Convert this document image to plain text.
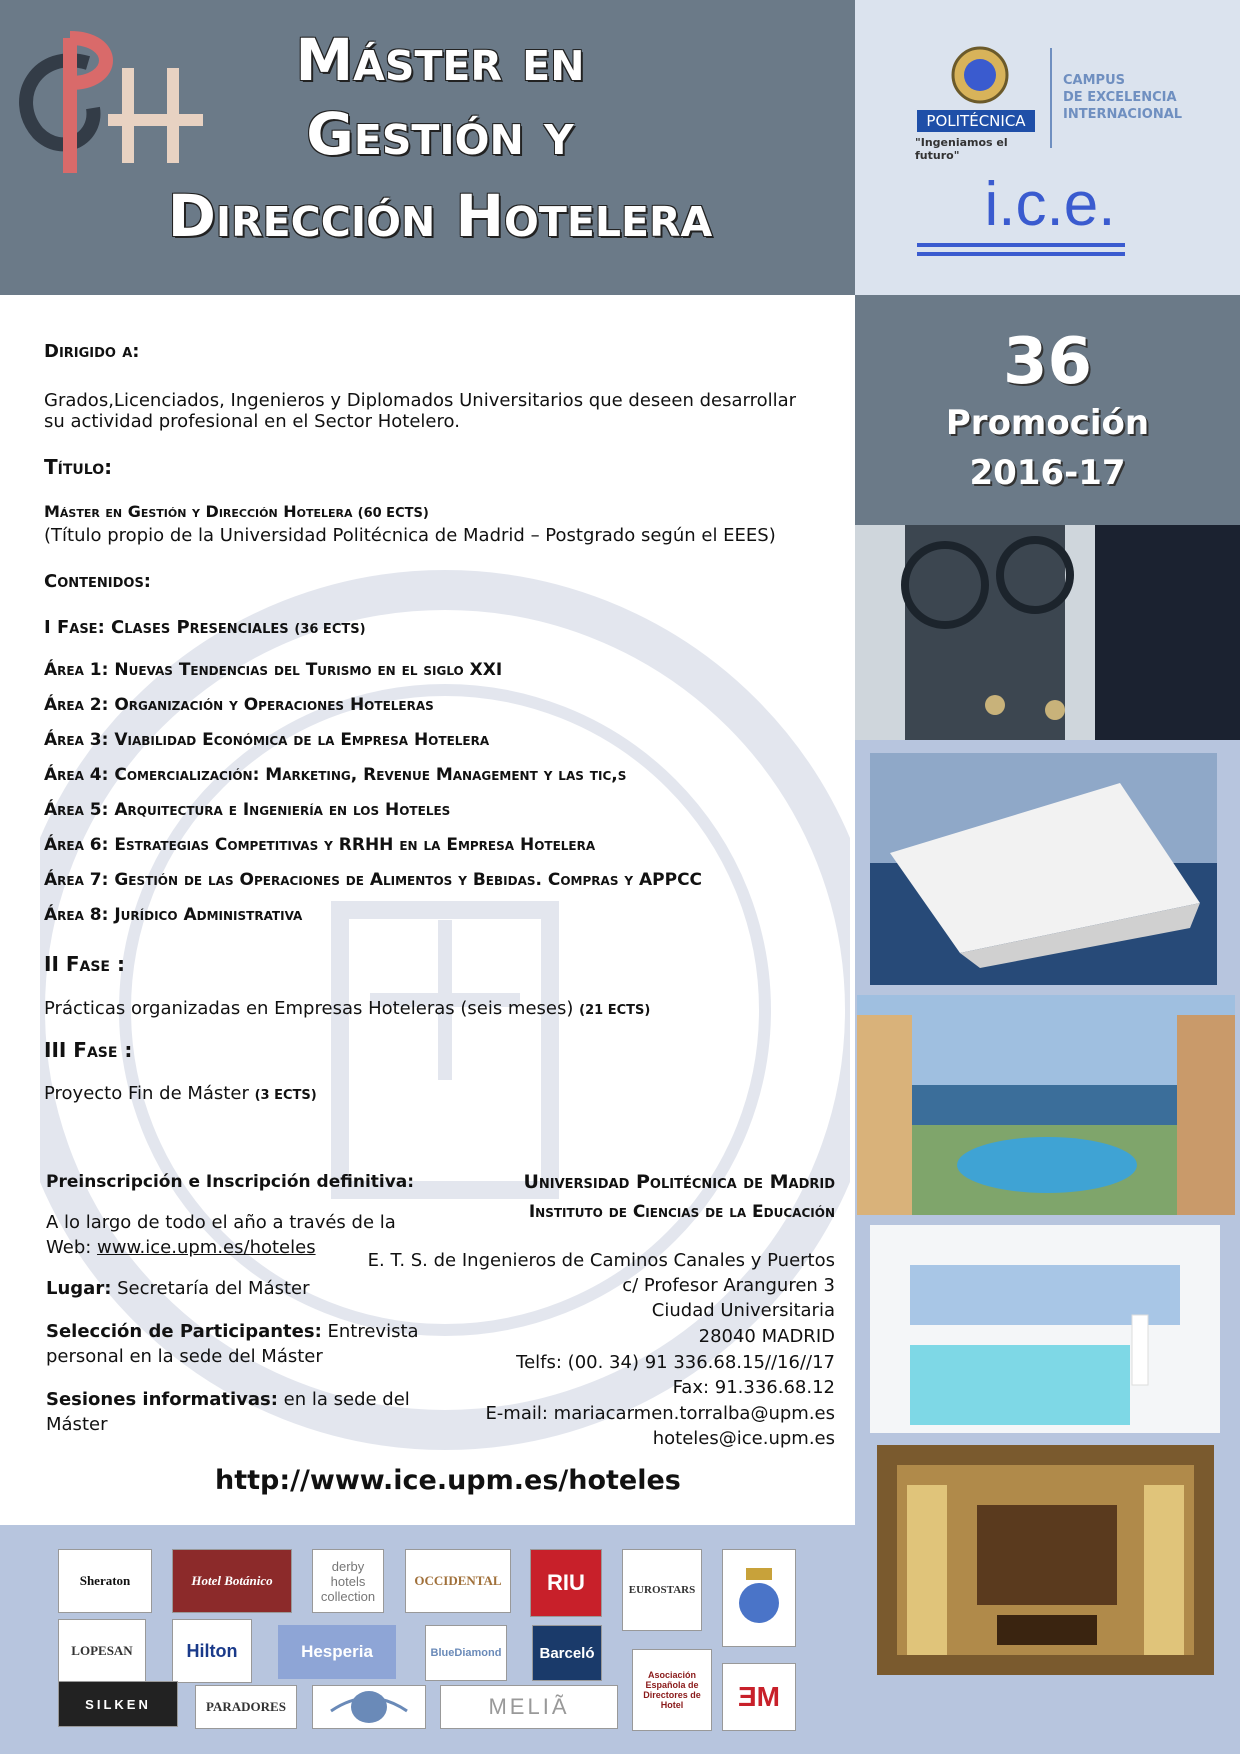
Máster en
Gestión y
Dirección Hotelera
POLITÉCNICA
"Ingeniamos el futuro"
CAMPUS
DE EXCELENCIA
INTERNACIONAL
i.c.e.
36
Promoción
2016-17
Dirigido a:
Grados,Licenciados, Ingenieros y Diplomados Universitarios que deseen desarrollar
su actividad profesional en el Sector Hotelero.
Título:
Máster en Gestión y Dirección Hotelera (60 ECTS)
(Título propio de la Universidad Politécnica de Madrid – Postgrado según el EEES)
Contenidos:
I Fase: Clases Presenciales (36 ECTS)
Área 1: Nuevas Tendencias del Turismo en el siglo XXI
Área 2: Organización y Operaciones Hoteleras
Área 3: Viabilidad Económica de la Empresa Hotelera
Área 4: Comercialización: Marketing, Revenue Management y las tic,s
Área 5: Arquitectura e Ingeniería en los Hoteles
Área 6: Estrategias Competitivas y RRHH en la Empresa Hotelera
Área 7: Gestión de las Operaciones de Alimentos y Bebidas. Compras y APPCC
Área 8: Jurídico Administrativa
II Fase :
Prácticas organizadas en Empresas Hoteleras (seis meses) (21 ECTS)
III Fase :
Proyecto Fin de Máster (3 ECTS)
Preinscripción e Inscripción definitiva:
A lo largo de todo el año a través de la
Web: www.ice.upm.es/hoteles
Lugar: Secretaría del Máster
Selección de Participantes: Entrevista
personal en la sede del Máster
Sesiones informativas: en la sede del
Máster
Universidad Politécnica de Madrid
Instituto de Ciencias de la Educación
E. T. S. de Ingenieros de Caminos Canales y Puertos
c/ Profesor Aranguren 3
Ciudad Universitaria
28040 MADRID
Telfs: (00. 34) 91 336.68.15//16//17
Fax: 91.336.68.12
E-mail: mariacarmen.torralba@upm.es
hoteles@ice.upm.es
http://www.ice.upm.es/hoteles
Sheraton	Hotel Botánico
derby hotels collection
OCCIDENTAL	RIU	EUROSTARS
LOPESAN	Hilton	Hesperia	BlueDiamond	Barceló
SILKEN	PARADORES	MELIÃ
Asociación Española de Directores de Hotel	ƎM
